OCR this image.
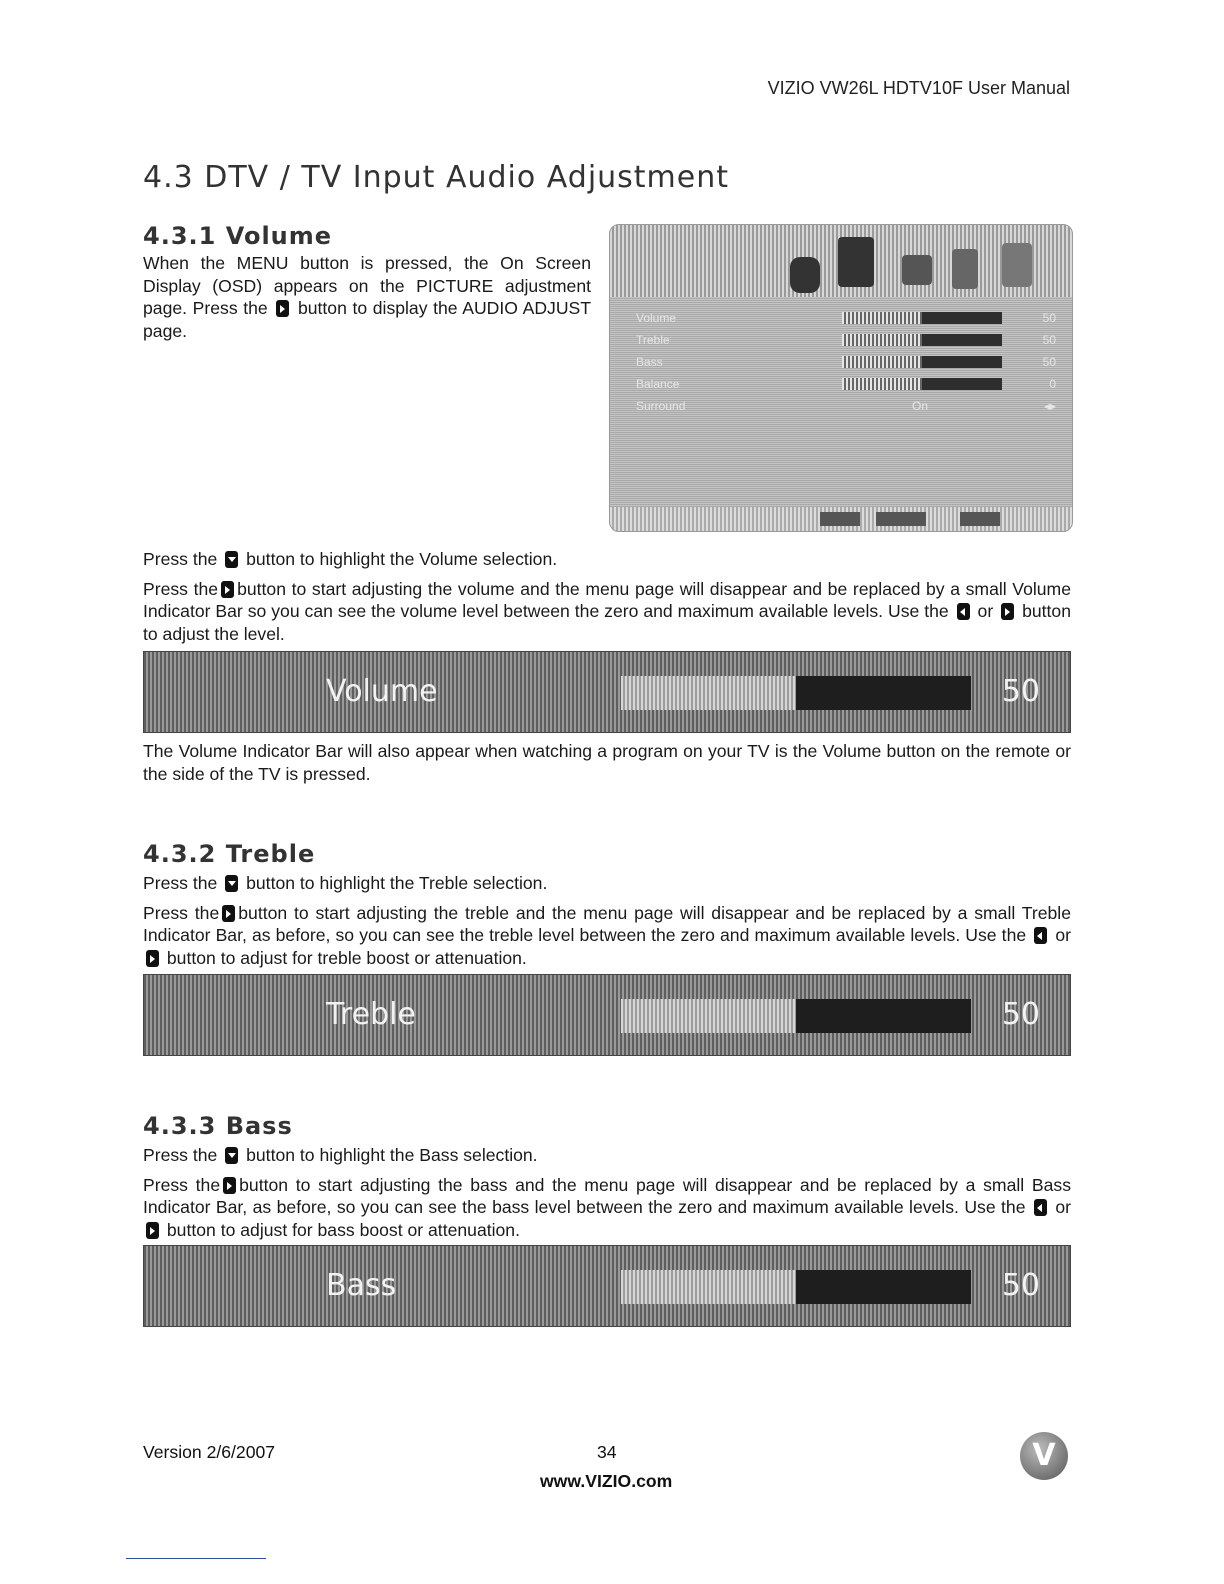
VIZIO VW26L HDTV10F User Manual
4.3 DTV / TV Input Audio Adjustment
4.3.1 Volume

When the MENU button is pressed, the On Screen Display (OSD) appears on the PICTURE adjustment page. Press the button to display the AUDIO ADJUST page.

Volume	50
Treble	50
Bass	50
Balance	0
Surround	On	◂▸

Press the button to highlight the Volume selection.

Press the button to start adjusting the volume and the menu page will disappear and be replaced by a small Volume Indicator Bar so you can see the volume level between the zero and maximum available levels. Use the or button to adjust the level.

Volume	50

The Volume Indicator Bar will also appear when watching a program on your TV is the Volume button on the remote or the side of the TV is pressed.

4.3.2 Treble

Press the button to highlight the Treble selection.

Press the button to start adjusting the treble and the menu page will disappear and be replaced by a small Treble Indicator Bar, as before, so you can see the treble level between the zero and maximum available levels. Use the or  button to adjust for treble boost or attenuation.

Treble	50
4.3.3 Bass

Press the button to highlight the Bass selection.

Press the button to start adjusting the bass and the menu page will disappear and be replaced by a small Bass Indicator Bar, as before, so you can see the bass level between the zero and maximum available levels. Use the or  button to adjust for bass boost or attenuation.

Bass	50
Version 2/6/2007	34
www.VIZIO.com
V
